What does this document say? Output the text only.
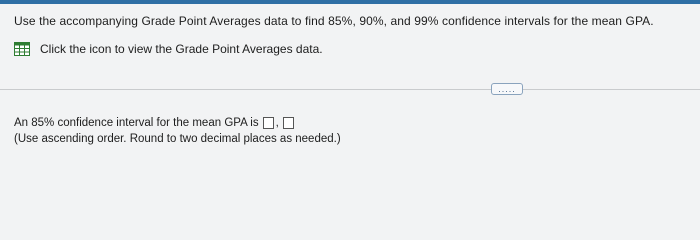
Use the accompanying Grade Point Averages data to find 85%, 90%, and 99% confidence intervals for the mean GPA.
Click the icon to view the Grade Point Averages data.
.....
An 85% confidence interval for the mean GPA is ,
(Use ascending order. Round to two decimal places as needed.)
